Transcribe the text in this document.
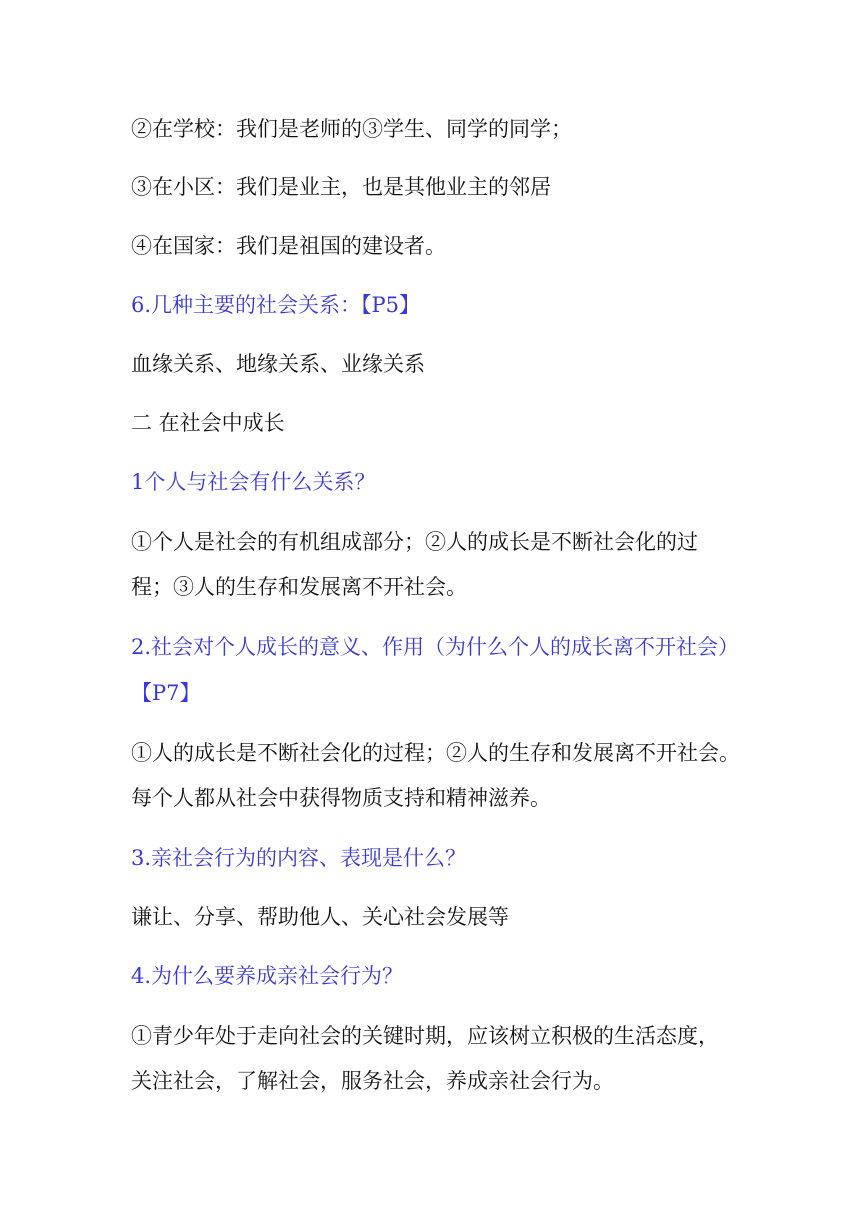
②在学校：我们是老师的③学生、同学的同学；
③在小区：我们是业主，也是其他业主的邻居
④在国家：我们是祖国的建设者。
6.几种主要的社会关系：【P5】
血缘关系、地缘关系、业缘关系
二 在社会中成长
1个人与社会有什么关系？
①个人是社会的有机组成部分；②人的成长是不断社会化的过
程；③人的生存和发展离不开社会。
2.社会对个人成长的意义、作用（为什么个人的成长离不开社会）
【P7】
①人的成长是不断社会化的过程；②人的生存和发展离不开社会。
每个人都从社会中获得物质支持和精神滋养。
3.亲社会行为的内容、表现是什么？
谦让、分享、帮助他人、关心社会发展等
4.为什么要养成亲社会行为？
①青少年处于走向社会的关键时期，应该树立积极的生活态度，
关注社会，了解社会，服务社会，养成亲社会行为。
